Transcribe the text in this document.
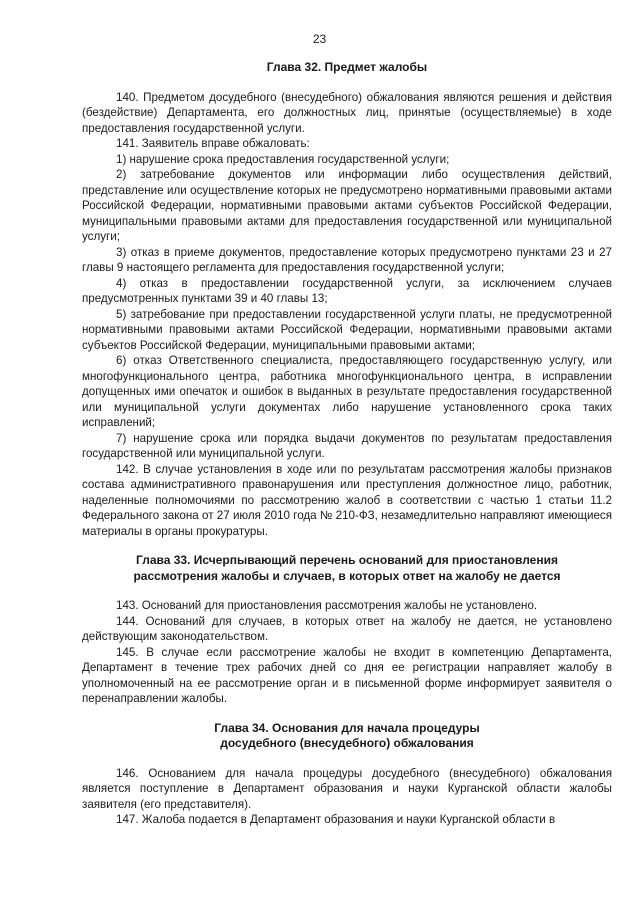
23
Глава 32. Предмет жалобы

140. Предметом досудебного (внесудебного) обжалования являются решения и действия (бездействие) Департамента, его должностных лиц, принятые (осуществляемые) в ходе предоставления государственной услуги.

141. Заявитель вправе обжаловать:

1) нарушение срока предоставления государственной услуги;

2) затребование документов или информации либо осуществления действий, представление или осуществление которых не предусмотрено нормативными правовыми актами Российской Федерации, нормативными правовыми актами субъектов Российской Федерации, муниципальными правовыми актами для предоставления государственной или муниципальной услуги;

3) отказ в приеме документов, предоставление которых предусмотрено пунктами 23 и 27 главы 9 настоящего регламента для предоставления государственной услуги;

4) отказ в предоставлении государственной услуги, за исключением случаев предусмотренных пунктами 39 и 40 главы 13;

5) затребование при предоставлении государственной услуги платы, не предусмотренной нормативными правовыми актами Российской Федерации, нормативными правовыми актами субъектов Российской Федерации, муниципальными правовыми актами;

6) отказ Ответственного специалиста, предоставляющего государственную услугу, или многофункционального центра, работника многофункционального центра, в исправлении допущенных ими опечаток и ошибок в выданных в результате предоставления государственной или муниципальной услуги документах либо нарушение установленного срока таких исправлений;

7) нарушение срока или порядка выдачи документов по результатам предоставления государственной или муниципальной услуги.

142. В случае установления в ходе или по результатам рассмотрения жалобы признаков состава административного правонарушения или преступления должностное лицо, работник, наделенные полномочиями по рассмотрению жалоб в соответствии с частью 1 статьи 11.2 Федерального закона от 27 июля 2010 года № 210-ФЗ, незамедлительно направляют имеющиеся материалы в органы прокуратуры.

Глава 33. Исчерпывающий перечень оснований для приостановления
рассмотрения жалобы и случаев, в которых ответ на жалобу не дается

143. Оснований для приостановления рассмотрения жалобы не установлено.

144. Оснований для случаев, в которых ответ на жалобу не дается, не установлено действующим законодательством.

145. В случае если рассмотрение жалобы не входит в компетенцию Департамента, Департамент в течение трех рабочих дней со дня ее регистрации направляет жалобу в уполномоченный на ее рассмотрение орган и в письменной форме информирует заявителя о перенаправлении жалобы.

Глава 34. Основания для начала процедуры
досудебного (внесудебного) обжалования

146. Основанием для начала процедуры досудебного (внесудебного) обжалования является поступление в Департамент образования и науки Курганской области жалобы заявителя (его представителя).

147. Жалоба подается в Департамент образования и науки Курганской области в
